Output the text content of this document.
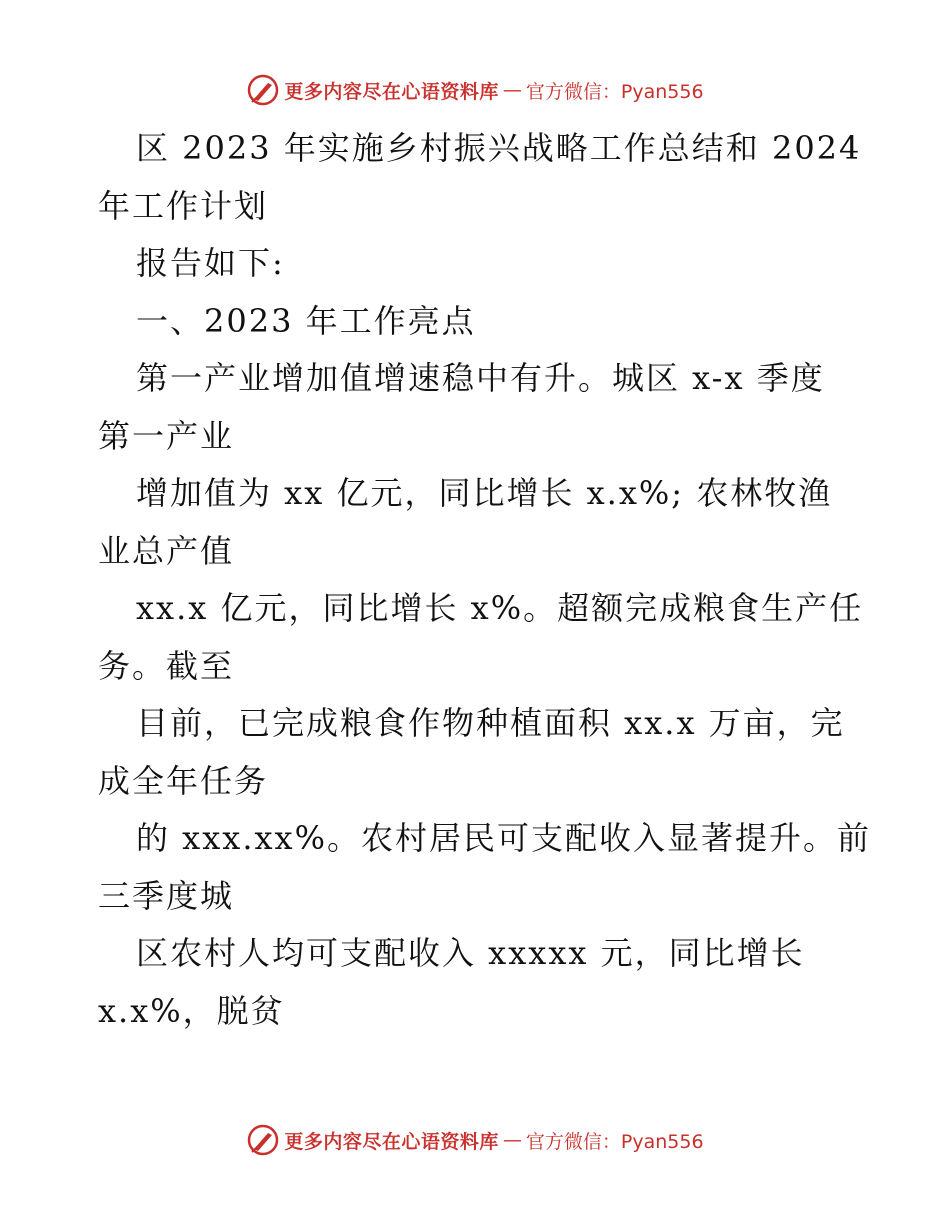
更多内容尽在心语资料库 — 官方微信：Pyan556
区 2023 年实施乡村振兴战略工作总结和 2024
年工作计划
报告如下:
一、2023 年工作亮点
第一产业增加值增速稳中有升。城区 x-x 季度
第一产业
增加值为 xx 亿元，同比增长 x.x%; 农林牧渔
业总产值
xx.x 亿元，同比增长 x%。超额完成粮食生产任
务。截至
目前，已完成粮食作物种植面积 xx.x 万亩，完
成全年任务
的 xxx.xx%。农村居民可支配收入显著提升。前
三季度城
区农村人均可支配收入 xxxxx 元，同比增长
x.x%，脱贫
更多内容尽在心语资料库 — 官方微信：Pyan556
